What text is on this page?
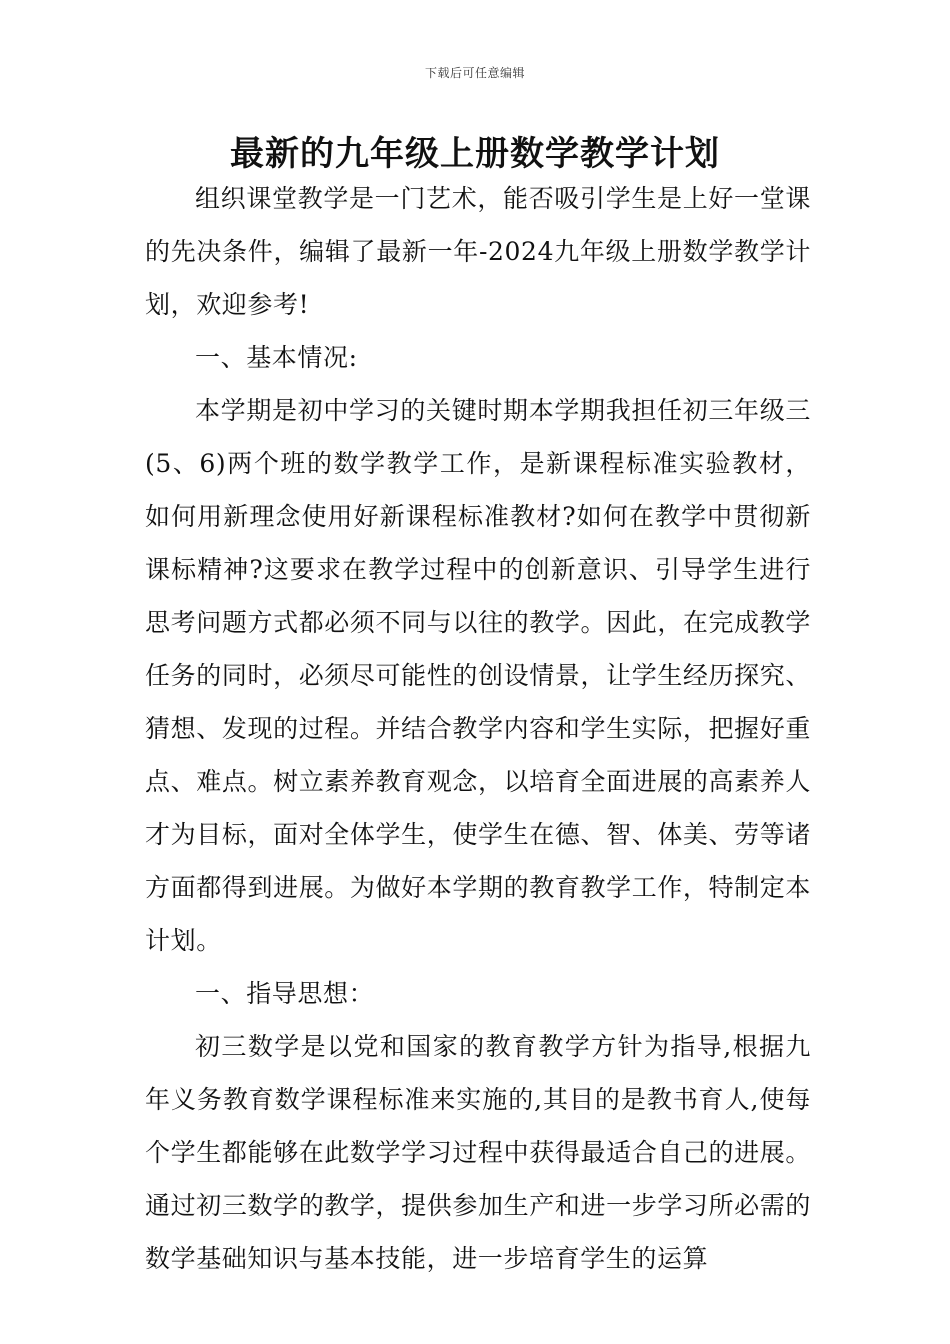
下载后可任意编辑
最新的九年级上册数学教学计划

组织课堂教学是一门艺术，能否吸引学生是上好一堂课的先决条件，编辑了最新一年-2024九年级上册数学教学计划，欢迎参考!

一、基本情况:

本学期是初中学习的关键时期本学期我担任初三年级三(5、6)两个班的数学教学工作，是新课程标准实验教材，如何用新理念使用好新课程标准教材?如何在教学中贯彻新课标精神?这要求在教学过程中的创新意识、引导学生进行思考问题方式都必须不同与以往的教学。因此，在完成教学任务的同时，必须尽可能性的创设情景，让学生经历探究、猜想、发现的过程。并结合教学内容和学生实际，把握好重点、难点。树立素养教育观念，以培育全面进展的高素养人才为目标，面对全体学生，使学生在德、智、体美、劳等诸方面都得到进展。为做好本学期的教育教学工作，特制定本计划。

一、指导思想：

初三数学是以党和国家的教育教学方针为指导,根据九年义务教育数学课程标准来实施的,其目的是教书育人,使每个学生都能够在此数学学习过程中获得最适合自己的进展。通过初三数学的教学，提供参加生产和进一步学习所必需的数学基础知识与基本技能，进一步培育学生的运算
